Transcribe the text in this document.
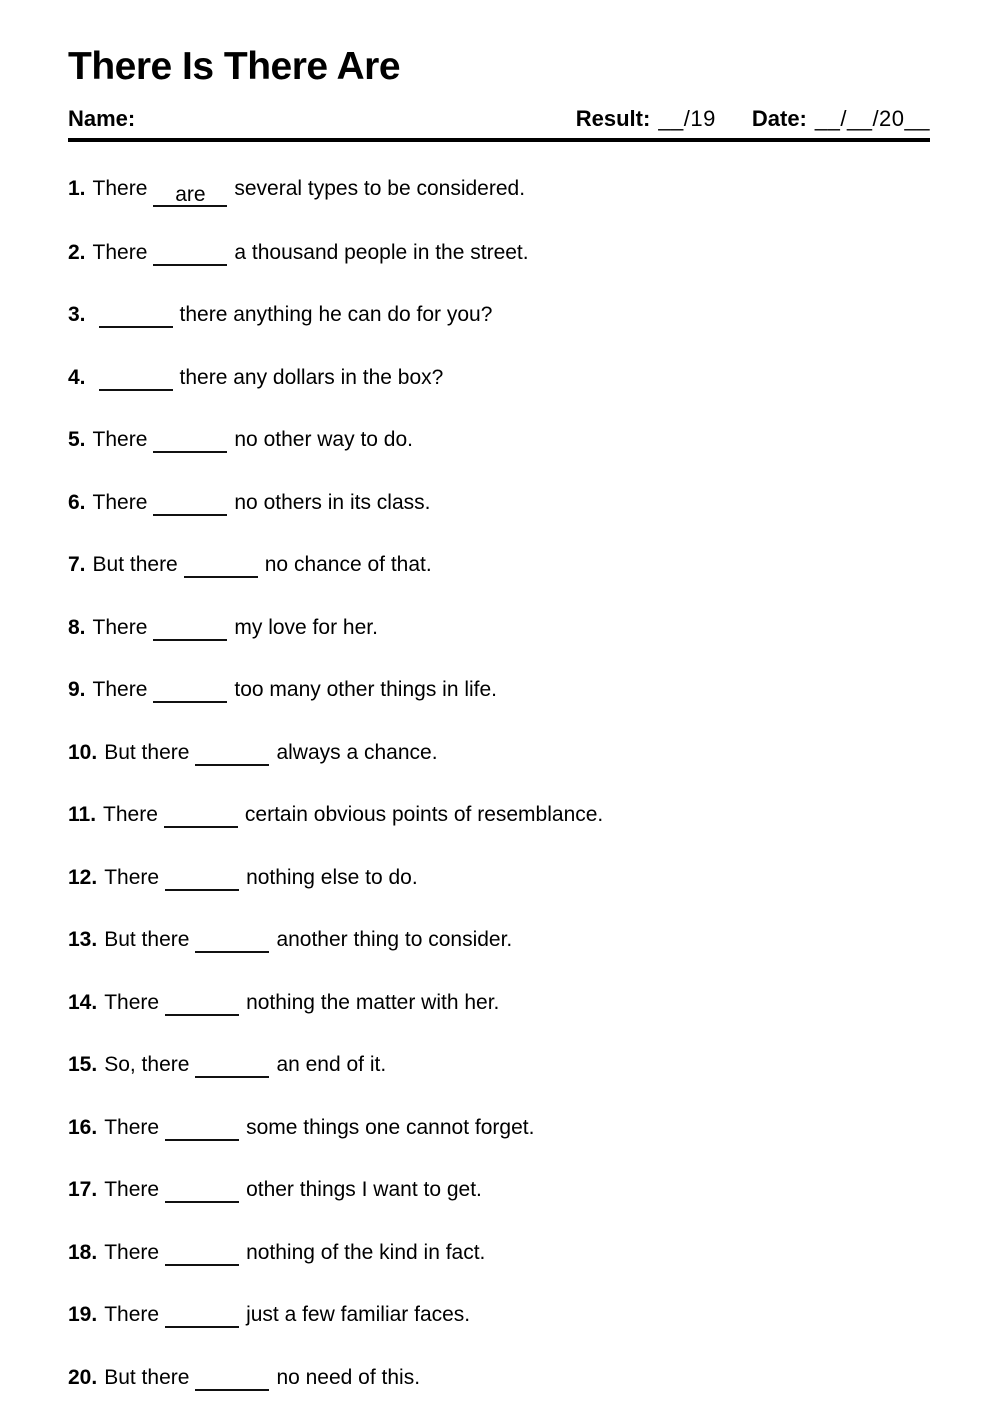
There Is There Are
Name:	Result: __/19 Date: __/__/20__
1. There are several types to be considered.
2. There	a thousand people in the street.
3.	there anything he can do for you?
4.	there any dollars in the box?
5. There	no other way to do.
6. There	no others in its class.
7. But there	no chance of that.
8. There	my love for her.
9. There	too many other things in life.
10. But there	always a chance.
11. There	certain obvious points of resemblance.
12. There	nothing else to do.
13. But there	another thing to consider.
14. There	nothing the matter with her.
15. So, there	an end of it.
16. There	some things one cannot forget.
17. There	other things I want to get.
18. There	nothing of the kind in fact.
19. There	just a few familiar faces.
20. But there	no need of this.
